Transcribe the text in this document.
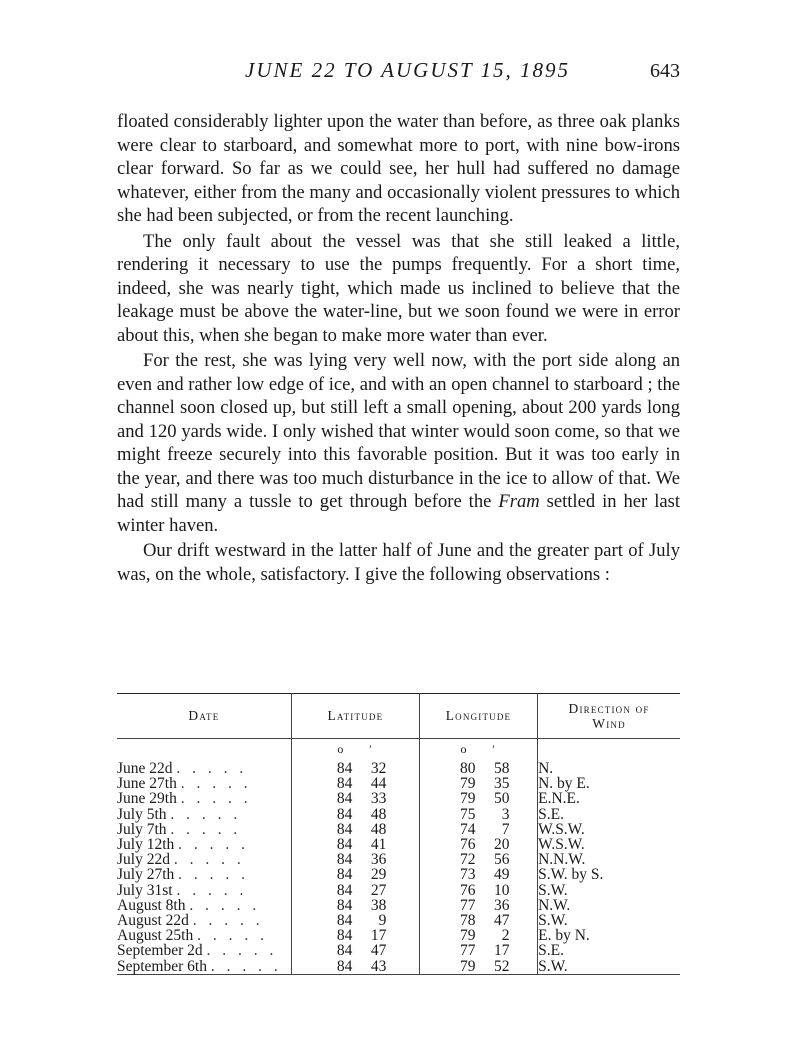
JUNE 22 TO AUGUST 15, 1895	643

floated considerably lighter upon the water than before, as three oak planks were clear to starboard, and somewhat more to port, with nine bow-irons clear forward. So far as we could see, her hull had suffered no damage whatever, either from the many and occasionally violent pressures to which she had been subjected, or from the recent launching.

The only fault about the vessel was that she still leaked a little, rendering it necessary to use the pumps frequently. For a short time, indeed, she was nearly tight, which made us inclined to believe that the leakage must be above the water-line, but we soon found we were in error about this, when she began to make more water than ever.

For the rest, she was lying very well now, with the port side along an even and rather low edge of ice, and with an open channel to starboard ; the channel soon closed up, but still left a small opening, about 200 yards long and 120 yards wide. I only wished that winter would soon come, so that we might freeze securely into this favorable position. But it was too early in the year, and there was too much disturbance in the ice to allow of that. We had still many a tussle to get through before the Fram settled in her last winter haven.

Our drift westward in the latter half of June and the greater part of July was, on the whole, satisfactory. I give the following observations :

Date	Latitude	Longitude	Direction of
Wind
	o ′	o ′	
June 22d . . . . .	84 32	80 58	N.
June 27th . . . . .	84 44	79 35	N. by E.
June 29th . . . . .	84 33	79 50	E.N.E.
July 5th . . . . .	84 48	75 3	S.E.
July 7th . . . . .	84 48	74 7	W.S.W.
July 12th . . . . .	84 41	76 20	W.S.W.
July 22d . . . . .	84 36	72 56	N.N.W.
July 27th . . . . .	84 29	73 49	S.W. by S.
July 31st . . . . .	84 27	76 10	S.W.
August 8th . . . . .	84 38	77 36	N.W.
August 22d . . . . .	84 9	78 47	S.W.
August 25th . . . . .	84 17	79 2	E. by N.
September 2d . . . . .	84 47	77 17	S.E.
September 6th . . . . .	84 43	79 52	S.W.
